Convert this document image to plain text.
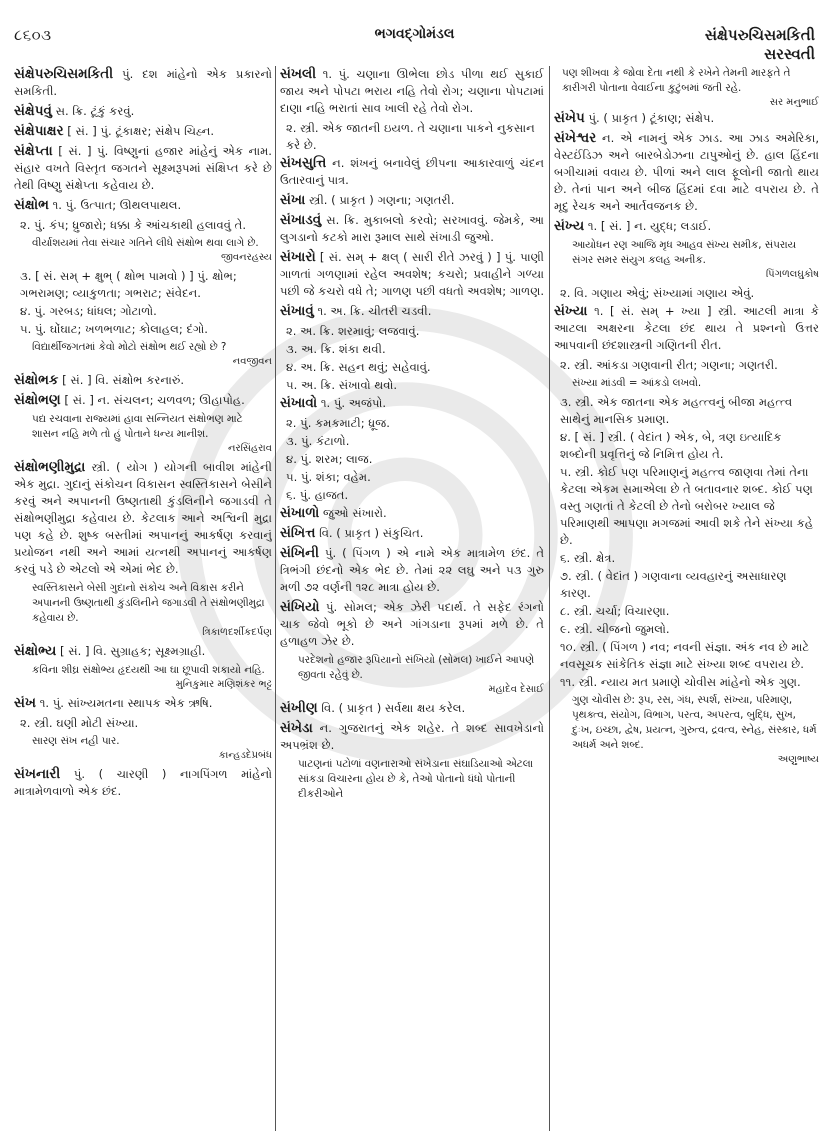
૮૬૦૩	ભગવદ્ગોમંડલ	સંક્ષેપરુચિસમકિતી
સરસ્વતી
સંક્ષેપરુચિસમકિતી પું. દશ માંહેનો એક પ્રકારનો સમકિતી.
સંક્ષેપવું સ. ક્રિ. ટૂંકું કરવું.
સંક્ષેપાક્ષર [ સં. ] પું. ટૂંકાક્ષર; સંક્ષેપ ચિહ્ન.
સંક્ષેપ્તા [ સં. ] પું. વિષ્ણુનાં હજાર માંહેનું એક નામ. સંહાર વખતે વિસ્તૃત જગતને સૂક્ષ્મરૂપમાં સંક્ષિપ્ત કરે છે તેથી વિષ્ણુ સંક્ષેપ્તા કહેવાય છે.
સંક્ષોભ ૧. પું. ઉત્પાત; ઊથલપાથલ.
૨. પું. કંપ; ધ્રુજારો; ધક્કા કે આંચકાથી હલાવવું તે.
વીર્યાશયમાં તેવા સંચાર ગતિને લીધે સંક્ષોભ થવા લાગે છે.
જીવનરહસ્ય
૩. [ સં. સમ્ + ક્ષુભ્ ( ક્ષોભ પામવો ) ] પું. ક્ષોભ; ગભરામણ; વ્યાકુળતા; ગભરાટ; સંવેદન.
૪. પું. ગરબડ; ધાંધલ; ગોટાળો.
૫. પું. ઘોંઘાટ; ખળભળાટ; કોલાહલ; દંગો.
વિદ્યાર્થીજગતમાં કેવો મોટો સંક્ષોભ થઈ રહ્યો છે ?
નવજીવન
સંક્ષોભક [ સં. ] વિ. સંક્ષોભ કરનારું.
સંક્ષોભણ [ સં. ] ન. સંચલન; ચળવળ; ઊહાપોહ.
પદ્ય રચવાના રાજ્યમાં હાવા સન્નિયત સંક્ષોભણ માટે શાસન નહિ મળે તો હું પોતાને ધન્ય માનીશ.
નરસિંહરાવ
સંક્ષોભણીમુદ્રા સ્ત્રી. ( યોગ ) યોગની બાવીશ માંહેની એક મુદ્રા. ગુદાનું સંકોચન વિકાસન સ્વસ્તિકાસને બેસીને કરવું અને અપાનની ઉષ્ણતાથી કુંડલિનીને જગાડવી તે સંક્ષોભણીમુદ્રા કહેવાય છે. કેટલાક આને અશ્વિની મુદ્રા પણ કહે છે. શુષ્ક બસ્તીમાં અપાનનું આકર્ષણ કરવાનું પ્રયોજન નથી અને આમાં યત્નથી અપાનનું આકર્ષણ કરવું પડે છે એટલો એ એમાં ભેદ છે.
સ્વસ્તિકાસને બેસી ગુદાનો સંકોચ અને વિકાસ કરીને અપાનની ઉષ્ણતાથી કુંડલિનીને જગાડવી તે સંક્ષોભણીમુદ્રા કહેવાય છે.
ત્રિકાળદર્શીકદર્પણ
સંક્ષોભ્ય [ સં. ] વિ. સુગ્રાહક; સૂક્ષ્મગ્રાહી.
કવિના શીઘ્ર સંક્ષોભ્ય હૃદયથી આ ઘા છૂપાવી શકાયો નહિ.
મુનિકુમાર મણિશંકર ભટ્ટ
સંખ ૧. પું. સાંખ્યમતના સ્થાપક એક ઋષિ.
૨. સ્ત્રી. ઘણી મોટી સંખ્યા.
સારણ સંખ નહી પાર.
કાન્હડદેપ્રબંધ
સંખનારી પું. ( ચારણી ) નાગપિંગળ માંહેનો માત્રામેળવાળો એક છંદ.
સંખલી ૧. પું. ચણાના ઊભેલા છોડ પીળા થઈ સુકાઈ જાય અને પોપટા ભરાય નહિ તેવો રોગ; ચણાના પોપટામાં દાણા નહિ ભરાતાં સાવ ખાલી રહે તેવો રોગ.
૨. સ્ત્રી. એક જાતની ઇયળ. તે ચણાના પાકને નુકસાન કરે છે.
સંખસુત્તિ ન. શંખનું બનાવેલું છીપના આકારવાળું ચંદન ઉતારવાનું પાત્ર.
સંખા સ્ત્રી. ( પ્રાકૃત ) ગણના; ગણતરી.
સંખાડવું સ. ક્રિ. મુકાબલો કરવો; સરખાવવું. જેમકે, આ લુગડાનો કટકો મારા રૂમાલ સાથે સંખાડી જુઓ.
સંખારો [ સં. સમ્ + ક્ષલ્ ( સારી રીતે ઝરવું ) ] પું. પાણી ગાળતાં ગળણામાં રહેલ અવશેષ; કચરો; પ્રવાહીને ગળ્યા પછી જે કચરો વધે તે; ગાળણ પછી વધતો અવશેષ; ગાળણ.
સંખાવું ૧. અ. ક્રિ. ચીતરી ચડવી.
૨. અ. ક્રિ. શરમાવું; લજવાવું.
૩. અ. ક્રિ. શંકા થવી.
૪. અ. ક્રિ. સહન થવું; સહેવાવું.
૫. અ. ક્રિ. સંખાવો થવો.
સંખાવો ૧. પું. અજંપો.
૨. પું. કમકમાટી; ધ્રૂજ.
૩. પું. કંટાળો.
૪. પું. શરમ; લાજ.
૫. પું. શંકા; વહેમ.
૬. પું. હાજત.
સંખાળો જુઓ સંખારો.
સંખિત્ત વિ. ( પ્રાકૃત ) સંકુચિત.
સંખિની પું. ( પિંગળ ) એ નામે એક માત્રામેળ છંદ. તે ત્રિભંગી છંદનો એક ભેદ છે. તેમાં ૨૨ લઘુ અને ૫૩ ગુરુ મળી ૭૨ વર્ણની ૧૨૮ માત્રા હોય છે.
સંખિયો પું. સોમલ; એક ઝેરી પદાર્થ. તે સફેદ રંગનો ચાક જેવો ભૂકો છે અને ગાંગડાના રૂપમાં મળે છે. તે હળાહળ ઝેર છે.
પરદેશનો હજાર રૂપિયાનો સંખિયો (સોમલ) ખાઈને આપણે જીવતા રહેવું છે.
મહાદેવ દેસાઈ
સંખીણ વિ. ( પ્રાકૃત ) સર્વથા ક્ષય કરેલ.
સંખેડા ન. ગુજરાતનું એક શહેર. તે શબ્દ સાવખેડાનો અપભ્રંશ છે.
પાટણનાં પટોળાં વણનારાઓ સંખેડાના સંઘાડિયાઓ એટલા સાંકડા વિચારના હોય છે કે, તેઓ પોતાનો ધંધો પોતાની દીકરીઓને
પણ શીખવા કે જોવા દેતા નથી કે રખેને તેમની મારફતે તે કારીગરી પોતાના વેવાઈના કુટુંબમાં જતી રહે.
સર મનુભાઈ
સંખેપ પું. ( પ્રાકૃત ) ટૂંકાણ; સંક્ષેપ.
સંખેશ્વર ન. એ નામનું એક ઝાડ. આ ઝાડ અમેરિકા, વેસ્ટઈંડિઝ અને બારબેડોઝના ટાપુઓનું છે. હાલ હિંદના બગીચામાં વવાય છે. પીળાં અને લાલ ફૂલોની જાતો થાય છે. તેનાં પાન અને બીજ હિંદમાં દવા માટે વપરાય છે. તે મૃદુ રેચક અને આર્તવજનક છે.
સંખ્ય ૧. [ સં. ] ન. યુદ્ધ; લડાઈ.
આયોધન રણ આજિ મૃધ આહવ સંખ્ય સમીક, સંપરાય સંગર સમર સંયુગ કલહ અનીક.
પિંગળલઘુકોષ
૨. વિ. ગણાય એવું; સંખ્યામાં ગણાય એવું.
સંખ્યા ૧. [ સં. સમ્ + ખ્યા ] સ્ત્રી. આટલી માત્રા કે આટલા અક્ષરના કેટલા છંદ થાય તે પ્રશ્નનો ઉત્તર આપવાની છંદશાસ્ત્રની ગણિતની રીત.
૨. સ્ત્રી. આંકડા ગણવાની રીત; ગણના; ગણતરી.
સંખ્યા માંડવી = આંકડો લખવો.
૩. સ્ત્રી. એક જાતના એક મહત્ત્વનું બીજા મહત્ત્વ સાથેનું માનસિક પ્રમાણ.
૪. [ સં. ] સ્ત્રી. ( વેદાંત ) એક, બે, ત્રણ ઇત્યાદિક શબ્દોની પ્રવૃત્તિનું જે નિમિત્ત હોય તે.
૫. સ્ત્રી. કોઈ પણ પરિમાણનું મહત્ત્વ જાણવા તેમાં તેના કેટલા એકમ સમાએલા છે તે બતાવનાર શબ્દ. કોઈ પણ વસ્તુ ગણતાં તે કેટલી છે તેનો બરોબર ખ્યાલ જે પરિમાણથી આપણા મગજમાં આવી શકે તેને સંખ્યા કહે છે.
૬. સ્ત્રી. ક્ષેત્ર.
૭. સ્ત્રી. ( વેદાંત ) ગણવાના વ્યવહારનું અસાધારણ કારણ.
૮. સ્ત્રી. ચર્ચા; વિચારણા.
૯. સ્ત્રી. ચીજનો જુમલો.
૧૦. સ્ત્રી. ( પિંગળ ) નવ; નવની સંજ્ઞા. અંક નવ છે માટે નવસૂચક સાંકેતિક સંજ્ઞા માટે સંખ્યા શબ્દ વપરાય છે.
૧૧. સ્ત્રી. ન્યાય મત પ્રમાણે ચોવીસ માંહેનો એક ગુણ.
ગુણ ચોવીસ છે: રૂપ, રસ, ગંધ, સ્પર્શ, સંખ્યા, પરિમાણ, પૃથક્ત્વ, સંયોગ, વિભાગ, પરત્વ, અપરત્વ, બુદ્ધિ, સુખ, દુઃખ, ઇચ્છા, દ્વેષ, પ્રયત્ન, ગુરુત્વ, દ્રવત્વ, સ્નેહ, સંસ્કાર, ધર્મ અધર્મ અને શબ્દ.
અણુભાષ્ય
